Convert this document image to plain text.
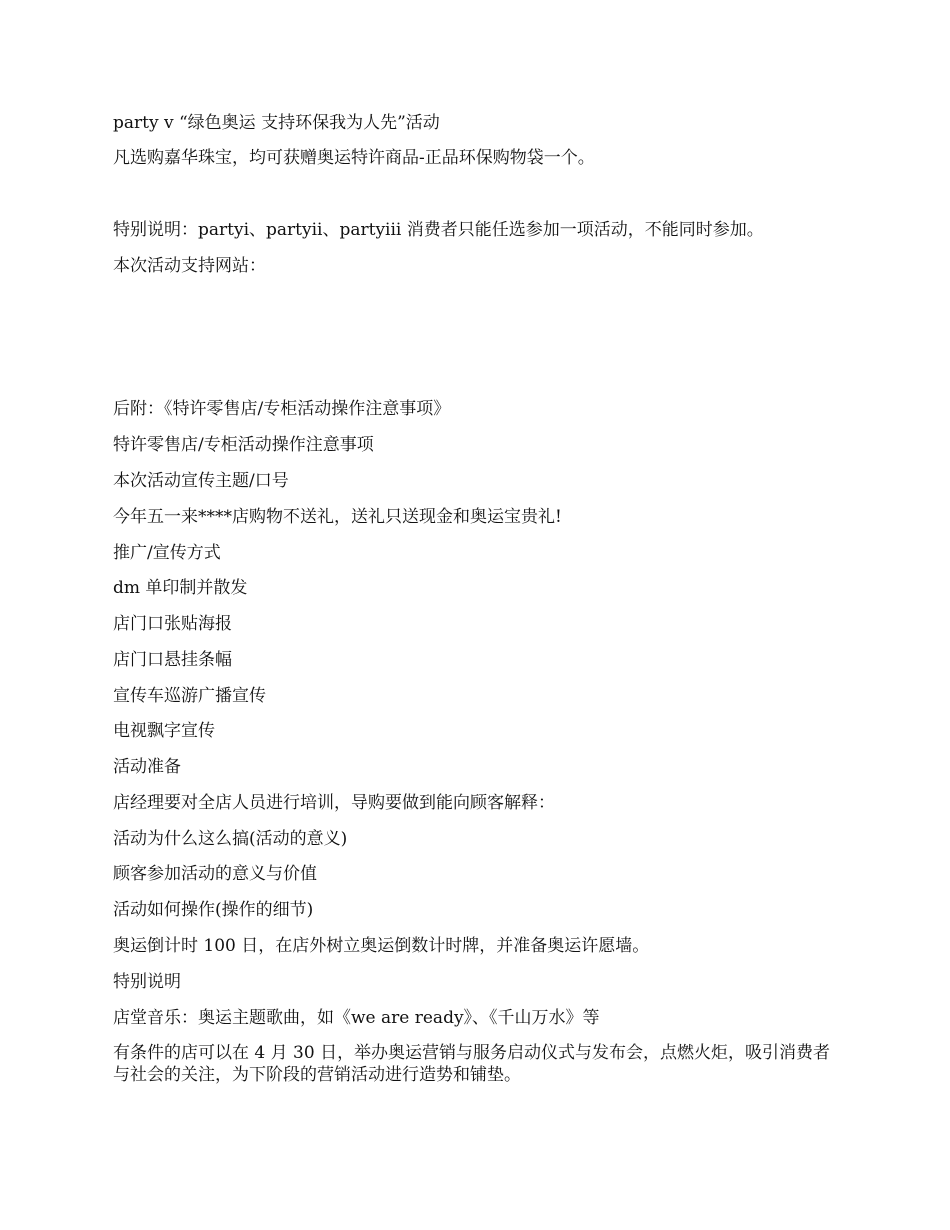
party v “绿色奥运 支持环保我为人先”活动
凡选购嘉华珠宝，均可获赠奥运特许商品-正品环保购物袋一个。
特别说明：partyi、partyii、partyiii 消费者只能任选参加一项活动，不能同时参加。
本次活动支持网站：
后附：《特许零售店/专柜活动操作注意事项》
特许零售店/专柜活动操作注意事项
本次活动宣传主题/口号
今年五一来****店购物不送礼，送礼只送现金和奥运宝贵礼!
推广/宣传方式
dm 单印制并散发
店门口张贴海报
店门口悬挂条幅
宣传车巡游广播宣传
电视飘字宣传
活动准备
店经理要对全店人员进行培训，导购要做到能向顾客解释：
活动为什么这么搞(活动的意义)
顾客参加活动的意义与价值
活动如何操作(操作的细节)
奥运倒计时 100 日，在店外树立奥运倒数计时牌，并准备奥运许愿墙。
特别说明
店堂音乐：奥运主题歌曲，如《we are ready》、《千山万水》等
有条件的店可以在 4 月 30 日，举办奥运营销与服务启动仪式与发布会，点燃火炬，吸引消费者与社会的关注，为下阶段的营销活动进行造势和铺垫。
